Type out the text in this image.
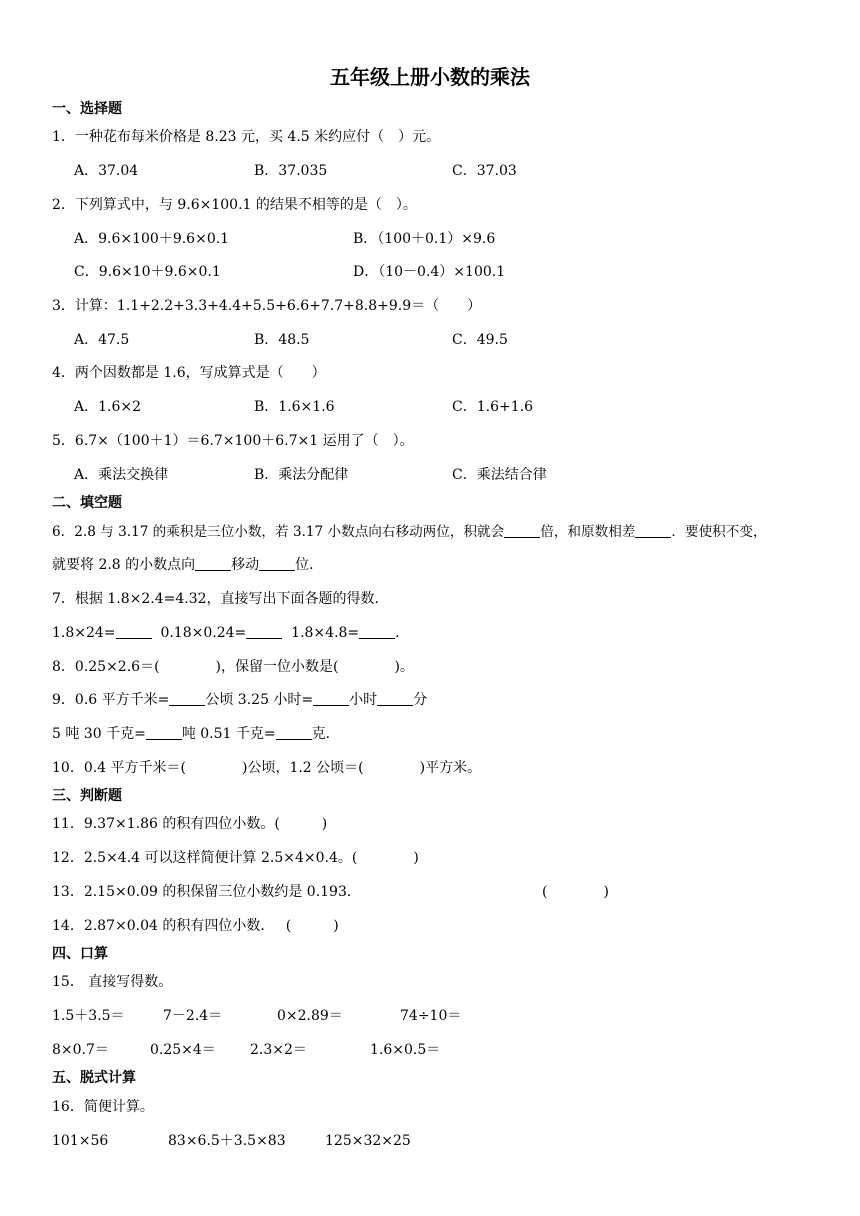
五年级上册小数的乘法
一、选择题
1．一种花布每米价格是 8.23 元，买 4.5 米约应付（　）元。
A．37.04	B．37.035	C．37.03
2．下列算式中，与 9.6×100.1 的结果不相等的是（　）。
A．9.6×100＋9.6×0.1	B．（100＋0.1）×9.6
C．9.6×10＋9.6×0.1	D．（10－0.4）×100.1
3．计算：1.1+2.2+3.3+4.4+5.5+6.6+7.7+8.8+9.9＝（　　）
A．47.5	B．48.5	C．49.5
4．两个因数都是 1.6，写成算式是（　　）
A．1.6×2	B．1.6×1.6	C．1.6+1.6
5．6.7×（100＋1）＝6.7×100＋6.7×1 运用了（　）。
A．乘法交换律	B．乘法分配律	C．乘法结合律
二、填空题
6．2.8 与 3.17 的乘积是三位小数，若 3.17 小数点向右移动两位，积就会	倍，和原数相差	．要使积不变，
就要将 2.8 的小数点向	移动	位．
7．根据 1.8×2.4=4.32，直接写出下面各题的得数．
1.8×24=	0.18×0.24=	1.8×4.8=	．
8．0.25×2.6＝(　　　　)，保留一位小数是(　　　　)。
9．0.6 平方千米=	公顷 3.25 小时=	小时	分
5 吨 30 千克=	吨 0.51 千克=	克．
10．0.4 平方千米＝(　　　　)公顷，1.2 公顷＝(　　　　)平方米。
三、判断题
11．9.37×1.86 的积有四位小数。(　　　)
12．2.5×4.4 可以这样简便计算 2.5×4×0.4。(　　　　)
13．2.15×0.09 的积保留三位小数约是 0.193．	(　　　　)
14．2.87×0.04 的积有四位小数．　 (　　　)
四、口算
15． 直接写得数。
1.5＋3.5＝	7－2.4＝	0×2.89＝	74÷10＝
8×0.7＝	0.25×4＝ 2.3×2＝	1.6×0.5＝
五、脱式计算
16．简便计算。
101×56	83×6.5＋3.5×83	125×32×25
